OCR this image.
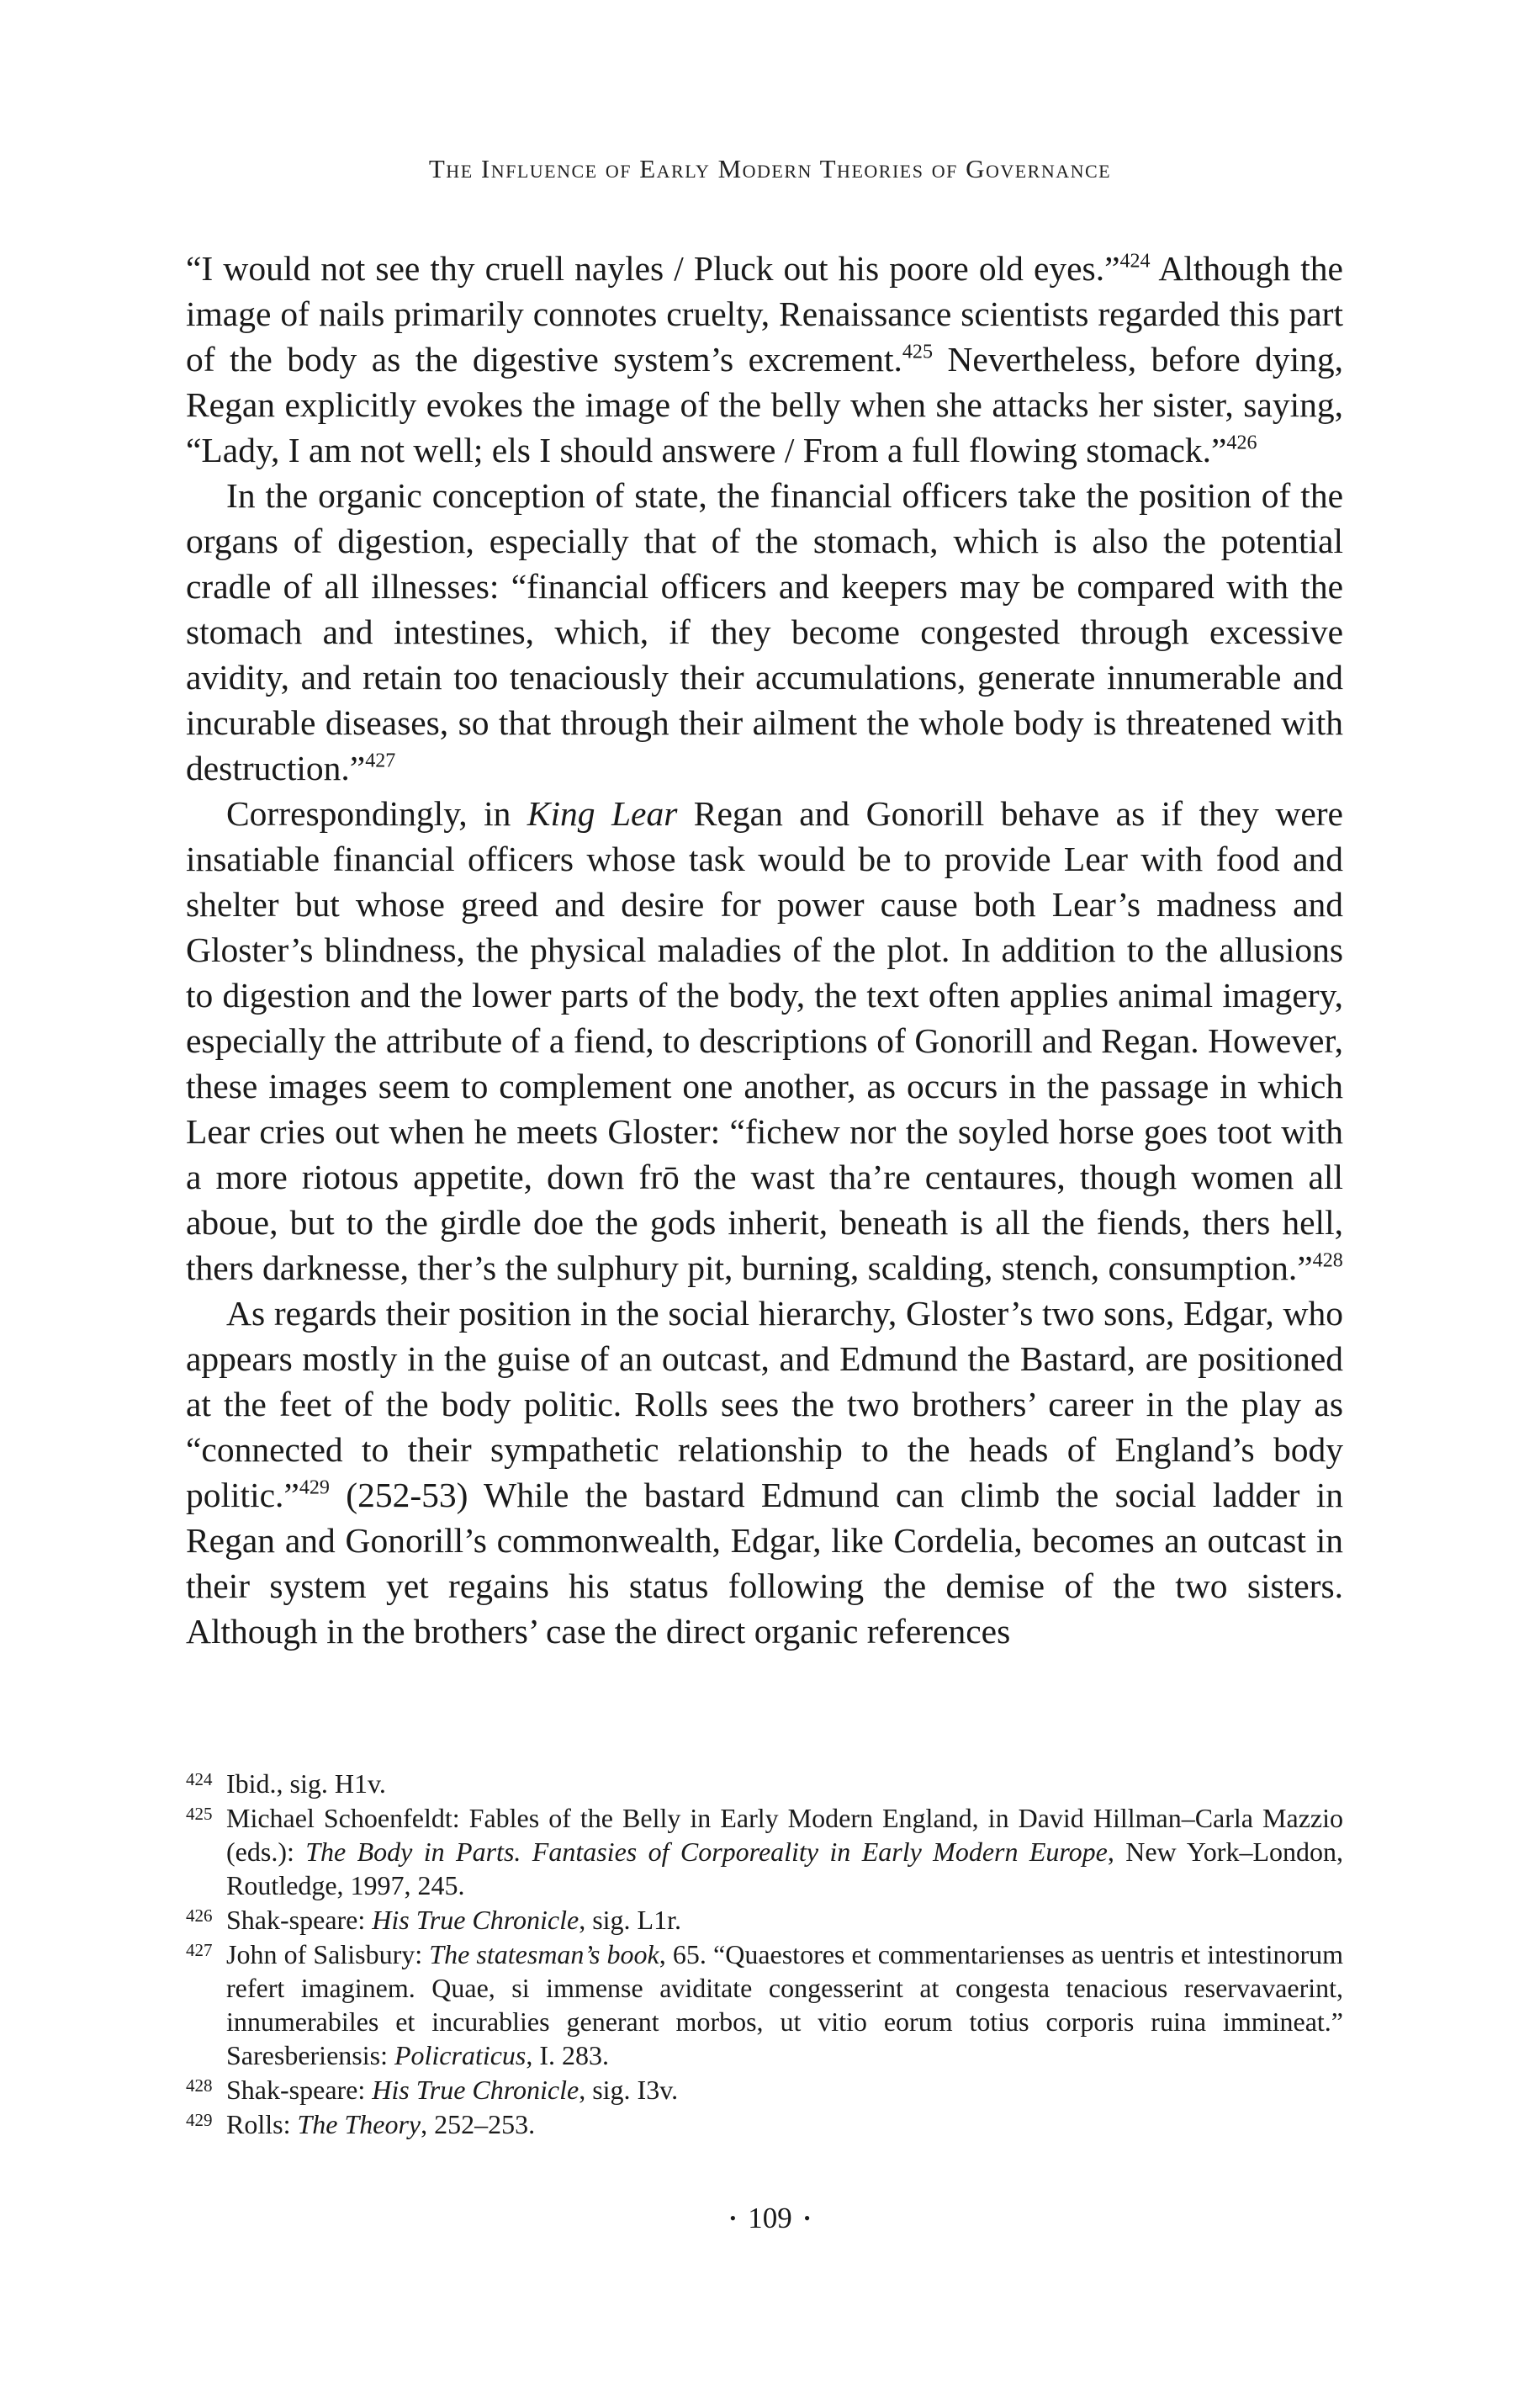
The Influence of Early Modern Theories of Governance

“I would not see thy cruell nayles / Pluck out his poore old eyes.”$^{424}$ Although the image of nails primarily connotes cruelty, Renaissance scientists regarded this part of the body as the digestive system’s excrement.$^{425}$ Nevertheless, before dying, Regan explicitly evokes the image of the belly when she attacks her sister, saying, “Lady, I am not well; els I should answere / From a full flowing stomack.”$^{426}$

In the organic conception of state, the financial officers take the position of the organs of digestion, especially that of the stomach, which is also the potential cradle of all illnesses: “financial officers and keepers may be compared with the stomach and intestines, which, if they become congested through excessive avidity, and retain too tenaciously their accumulations, generate innumerable and incurable diseases, so that through their ailment the whole body is threatened with destruction.”$^{427}$

Correspondingly, in King Lear Regan and Gonorill behave as if they were insatiable financial officers whose task would be to provide Lear with food and shelter but whose greed and desire for power cause both Lear’s madness and Gloster’s blindness, the physical maladies of the plot. In addition to the allusions to digestion and the lower parts of the body, the text often applies animal imagery, especially the attribute of a fiend, to descriptions of Gonorill and Regan. However, these images seem to complement one another, as occurs in the passage in which Lear cries out when he meets Gloster: “fichew nor the soyled horse goes toot with a more riotous appetite, down frō the wast tha’re centaures, though women all aboue, but to the girdle doe the gods inherit, beneath is all the fiends, thers hell, thers darknesse, ther’s the sulphury pit, burning, scalding, stench, consumption.”$^{428}$

As regards their position in the social hierarchy, Gloster’s two sons, Edgar, who appears mostly in the guise of an outcast, and Edmund the Bastard, are positioned at the feet of the body politic. Rolls sees the two brothers’ career in the play as “connected to their sympathetic relationship to the heads of England’s body politic.”$^{429}$ (252-53) While the bastard Edmund can climb the social ladder in Regan and Gonorill’s commonwealth, Edgar, like Cordelia, becomes an outcast in their system yet regains his status following the demise of the two sisters. Although in the brothers’ case the direct organic references

424 Ibid., sig. H1v.
425 Michael Schoenfeldt: Fables of the Belly in Early Modern England, in David Hillman–Carla Mazzio (eds.): The Body in Parts. Fantasies of Corporeality in Early Modern Europe, New York–London, Routledge, 1997, 245.
426 Shak-speare: His True Chronicle, sig. L1r.
427 John of Salisbury: The statesman’s book, 65. “Quaestores et commentarienses as uentris et intestinorum refert imaginem. Quae, si immense aviditate congesserint at congesta tenacious reservavaerint, innumerabiles et incurablies generant morbos, ut vitio eorum totius corporis ruina immineat.” Saresberiensis: Policraticus, I. 283.
428 Shak-speare: His True Chronicle, sig. I3v.
429 Rolls: The Theory, 252–253.
• 109 •
